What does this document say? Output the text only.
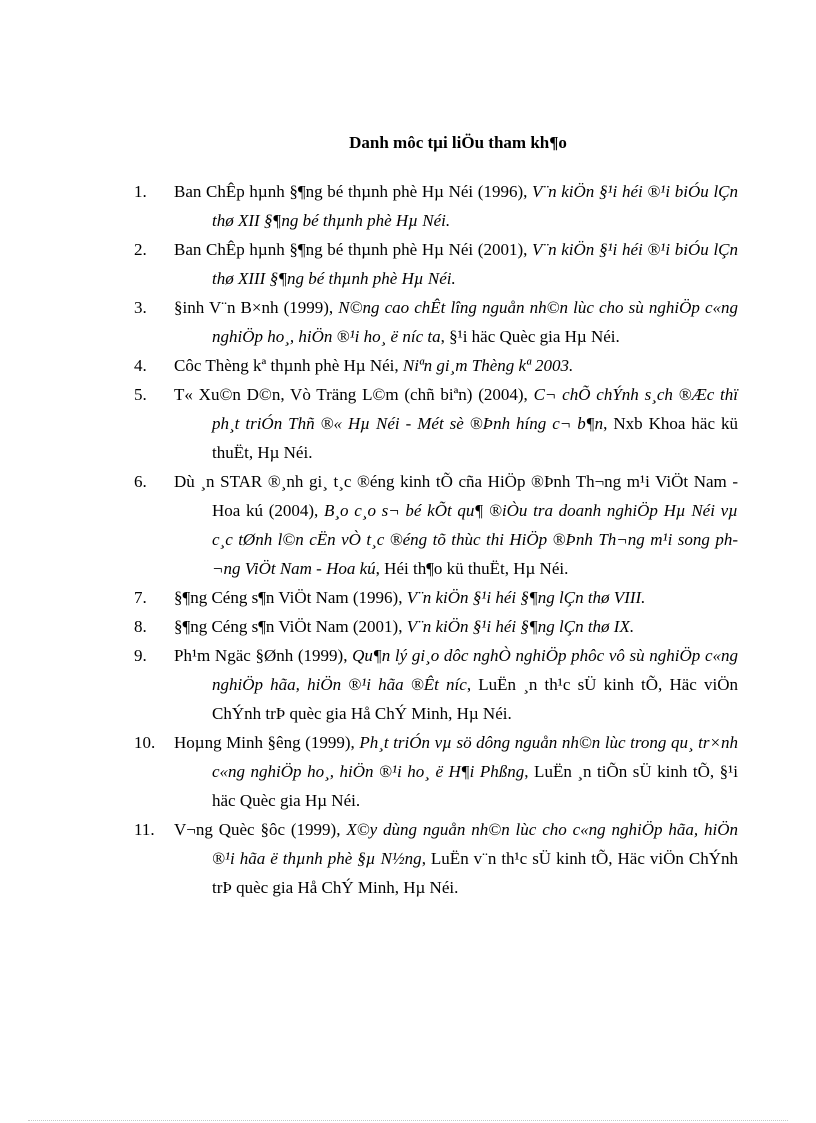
Danh môc tµi liÖu tham kh¶o
1. Ban ChÊp hµnh §¶ng bé thµnh phè Hµ Néi (1996), V¨n kiÖn §¹i héi ®¹i biÓu lÇn thø XII §¶ng bé thµnh phè Hµ Néi.
2. Ban ChÊp hµnh §¶ng bé thµnh phè Hµ Néi (2001), V¨n kiÖn §¹i héi ®¹i biÓu lÇn thø XIII §¶ng bé thµnh phè Hµ Néi.
3. §inh V¨n B×nh (1999), N©ng cao chÊt lîng nguån nh©n lùc cho sù nghiÖp c«ng nghiÖp ho¸, hiÖn ®¹i ho¸ ë níc ta, §¹i häc Quèc gia Hµ Néi.
4. Côc Thèng kª thµnh phè Hµ Néi, Niªn gi¸m Thèng kª 2003.
5. T« Xu©n D©n, Vò Träng L©m (chñ biªn) (2004), C¬ chÕ chÝnh s¸ch ®Æc thï ph¸t triÓn Thñ ®« Hµ Néi - Mét sè ®Þnh híng c¬ b¶n, Nxb Khoa häc kü thuËt, Hµ Néi.
6. Dù ¸n STAR ®¸nh gi¸ t¸c ®éng kinh tÕ cña HiÖp ®Þnh Th¬ng m¹i ViÖt Nam - Hoa kú (2004), B¸o c¸o s¬ bé kÕt qu¶ ®iÒu tra doanh nghiÖp Hµ Néi vµ c¸c tØnh l©n cËn vÒ t¸c ®éng tõ thùc thi HiÖp ®Þnh Th¬ng m¹i song ph¬ng ViÖt Nam - Hoa kú, Héi th¶o kü thuËt, Hµ Néi.
7. §¶ng Céng s¶n ViÖt Nam (1996), V¨n kiÖn §¹i héi §¶ng lÇn thø VIII.
8. §¶ng Céng s¶n ViÖt Nam (2001), V¨n kiÖn §¹i héi §¶ng lÇn thø IX.
9. Ph¹m Ngäc §Ønh (1999), Qu¶n lý gi¸o dôc nghÒ nghiÖp phôc vô sù nghiÖp c«ng nghiÖp hãa, hiÖn ®¹i hãa ®Êt níc, LuËn ¸n th¹c sÜ kinh tÕ, Häc viÖn ChÝnh trÞ quèc gia Hå ChÝ Minh, Hµ Néi.
10. Hoµng Minh §êng (1999), Ph¸t triÓn vµ sö dông nguån nh©n lùc trong qu¸ tr×nh c«ng nghiÖp ho¸, hiÖn ®¹i ho¸ ë H¶i Phßng, LuËn ¸n tiÕn sÜ kinh tÕ, §¹i häc Quèc gia Hµ Néi.
11. V¬ng Quèc §ôc (1999), X©y dùng nguån nh©n lùc cho c«ng nghiÖp hãa, hiÖn ®¹i hãa ë thµnh phè §µ N½ng, LuËn v¨n th¹c sÜ kinh tÕ, Häc viÖn ChÝnh trÞ quèc gia Hå ChÝ Minh, Hµ Néi.
